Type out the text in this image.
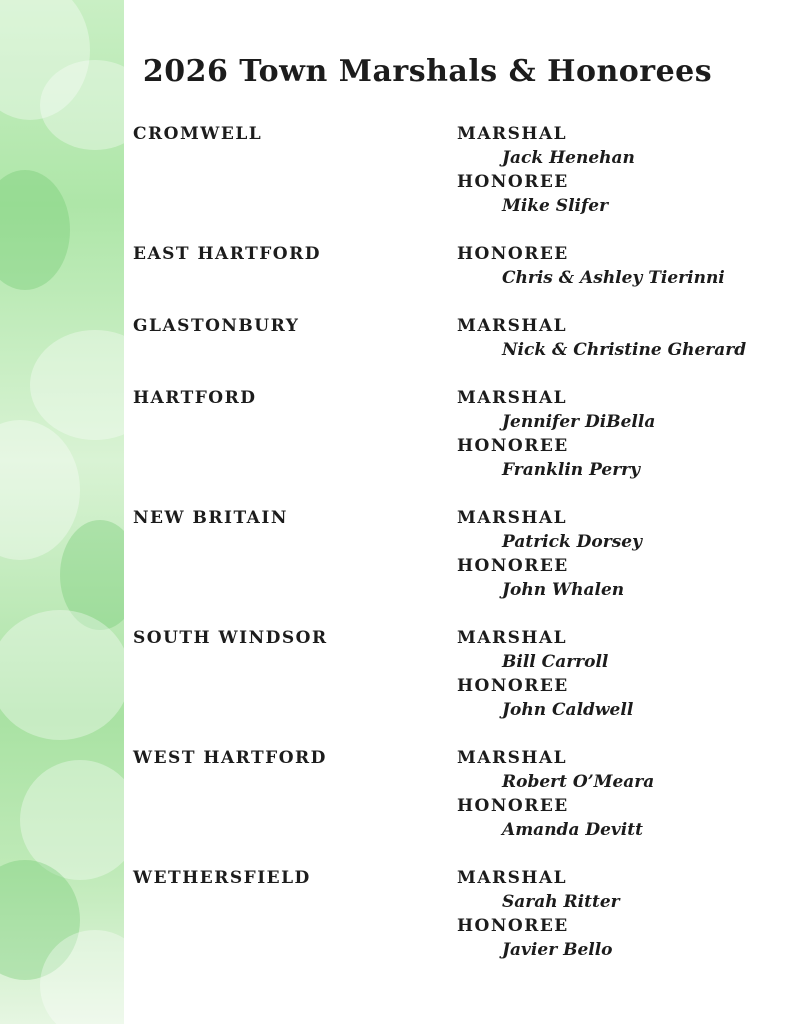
2026 Town Marshals & Honorees
CROMWELL	MARSHAL
Jack Henehan
HONOREE
Mike Slifer
EAST HARTFORD	HONOREE
Chris & Ashley Tierinni
GLASTONBURY	MARSHAL
Nick & Christine Gherard
HARTFORD	MARSHAL
Jennifer DiBella
HONOREE
Franklin Perry
NEW BRITAIN	MARSHAL
Patrick Dorsey
HONOREE
John Whalen
SOUTH WINDSOR	MARSHAL
Bill Carroll
HONOREE
John Caldwell
WEST HARTFORD	MARSHAL
Robert O’Meara
HONOREE
Amanda Devitt
WETHERSFIELD	MARSHAL
Sarah Ritter
HONOREE
Javier Bello
